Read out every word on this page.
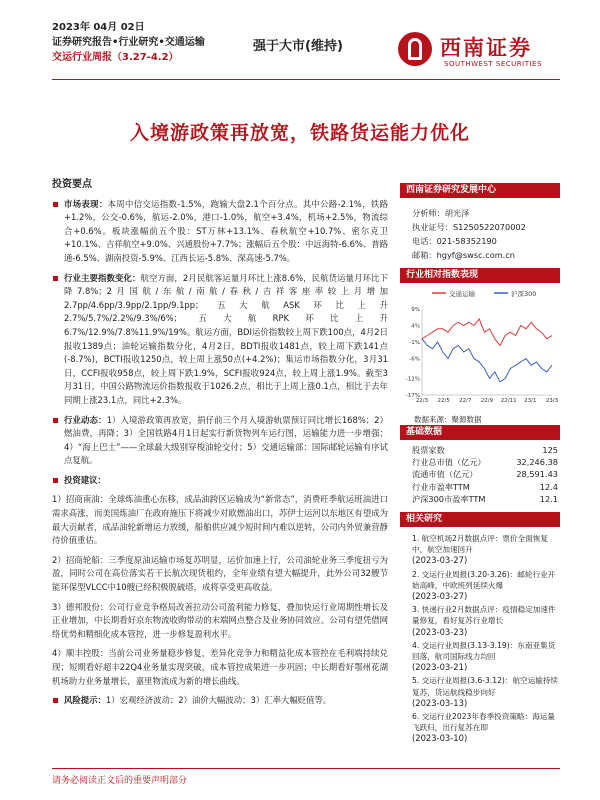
2023年 04月 02日
证券研究报告•行业研究•交通运输
交运行业周报（3.27-4.2）
强于大市(维持)	西南证券
SOUTHWEST SECURITIES
入境游政策再放宽，铁路货运能力优化
投资要点

市场表现：本周中信交运指数-1.5%，跑输大盘2.1个百分点。其中公路-2.1%，铁路+1.2%，公交-0.6%，航运-2.0%，港口-1.0%，航空+3.4%，机场+2.5%，物流综合+0.6%。板块涨幅前五个股：ST万林+13.1%、春秋航空+10.7%、密尔克卫+10.1%、吉祥航空+9.0%、兴通股份+7.7%；涨幅后五个股：中远海特-6.6%、普路通-6.5%、湖南投资-5.9%、江西长运-5.8%、深高速-5.7%。

行业主要指数变化：航空方面，2月民航客运量月环比上涨8.6%，民航货运量月环比下降7.8%；2月国航/东航/南航/春秋/吉祥客座率较上月增加2.7pp/4.6pp/3.9pp/2.1pp/9.1pp；五大航ASK环比上升2.7%/5.7%/2.2%/9.3%/6%；五大航RPK环比上升6.7%/12.9%/7.8%11.9%/19%。航运方面，BDI运价指数较上周下跌100点，4月2日报收1389点；油轮运输指数分化，4月2日，BDTI报收1481点，较上周下跌141点(-8.7%)，BCTI报收1250点，较上周上涨50点(+4.2%)；集运市场指数分化，3月31日，CCFI报收958点，较上周下跌1.9%，SCFI报收924点，较上周上涨1.9%。截至3月31日，中国公路物流运价指数报收于1026.2点，相比于上周上涨0.1点，相比于去年同期上涨23.1点，同比+2.3%。

行业动态：1）入境游政策再放宽，捐仔前三个月入境游轨票预订同比增长168%；2）燃油费，再降；3）全国铁路4月1日起实行新货物列车运行图，运输能力进一步增强；4）“海上巴士”——全球最大级别穿梭油轮交付；5）交通运输部：国际邮轮运输有序试点复航。

投资建议：

1）招商南油：全球炼油重心东移，成品油跨区运输成为“新常态”，消费旺季航运班油进口需求高涨，而美国炼油厂在政府施压下将减少对欧燃油出口，苏伊士运河以东地区有望成为最大贡献者，成品油轮新增运力放缓，船舶供应减少短时间内难以逆转，公司内外贸兼营静待价值重估。

2）招商轮船：三季度原油运输市场复苏明显，运价加速上行，公司油轮业务三季度扭亏为盈，同时公司在高位落实若干长航次现货租约，全年业绩有望大幅提升，此外公司32艘节能环保型VLCC中10艘已经积极脱硫塔，成将享受更高收益。

3）德邦股份：公司行业竞争格局改善拉动公司盈利能力修复，叠加快运行业周期性增长及正业增加，中长期看好京东物流收购带动的末端网点整合及业务协同效应。公司有望凭借网络优势和精细化成本管控，进一步修复盈利水平。

4）顺丰控股：当前公司业务量稳步修复，差异化竞争力和精益化成本管控在毛利端持续兑现；短期看好超丰22Q4业务量实现突破，成本管控成果进一步巩固；中长期看好鄂州花湖机场助力业务量增长，嘉里物流成为新的增长曲线。

风险提示：1）宏观经济波动；2）油价大幅波动；3）汇率大幅贬值等。

西南证券研究发展中心
分析师：胡光泽
执业证号：S1250522070002
电话：021-58352190
邮箱：hgyf@swsc.com.cn
行业相对指数表现
交通运输	沪深300
9%
4%
-1%
-6%
-12%
-17%
22/3 22/5 22/7 22/9 22/11 23/1 23/3
数据来源：聚源数据
基础数据
股票家数	125
行业总市值（亿元）	32,246.38
流通市值（亿元）	28,591.43
行业市盈率TTM	12.4
沪深300市盈率TTM	12.1
相关研究
1. 航空机场2月数据点评：票价全面恢复中，航空加速回升
(2023-03-27)
2. 交运行业周报(3.20-3.26)：邮轮行业开始高峰，中欧班列延续火爆
(2023-03-27)
3. 快递行业2月数据点评：疫情稳定加速件量修复，看好复苏行业增长
(2023-03-23)
4. 交运行业周报(3.13-3.19)：东南亚集货回落，航司国际线力均回
(2023-03-21)
5. 交运行业周报(3.6-3.12)：航空运输持续复苏，货运航线稳步向好
(2023-03-13)
6. 交运行业2023年春季投资策略：海运量飞跃归，出行复苏在即
(2023-03-10)
请务必阅读正文后的重要声明部分
